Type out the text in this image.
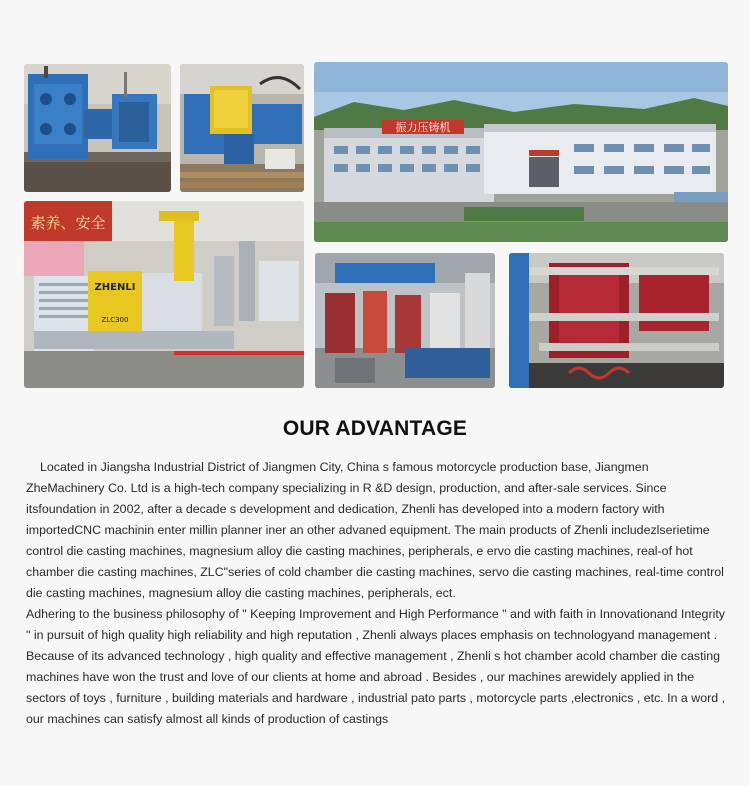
振力压铸机
素养、安全
ZHENLI
ZLC300
OUR ADVANTAGE

Located in Jiangsha Industrial District of Jiangmen City, China s famous motorcycle production base, Jiangmen ZheMachinery Co. Ltd is a high-tech company specializing in R &D design, production, and after-sale services. Since itsfoundation in 2002, after a decade s development and dedication, Zhenli has developed into a modern factory with importedCNC machinin enter millin planner iner an other advaned equipment. The main products of Zhenli includezlserietime control die casting machines, magnesium alloy die casting machines, peripherals, e ervo die casting machines, real-of hot chamber die casting machines, ZLC"series of cold chamber die casting machines, servo die casting machines, real-time control die casting machines, magnesium alloy die casting machines, peripherals, ect.

Adhering to the business philosophy of " Keeping Improvement and High Performance " and with faith in Innovationand Integrity " in pursuit of high quality high reliability and high reputation , Zhenli always places emphasis on technologyand management . Because of its advanced technology , high quality and effective management , Zhenli s hot chamber acold chamber die casting machines have won the trust and love of our clients at home and abroad . Besides , our machines arewidely applied in the sectors of toys , furniture , building materials and hardware , industrial pato parts , motorcycle parts ,electronics , etc. In a word , our machines can satisfy almost all kinds of production of castings
